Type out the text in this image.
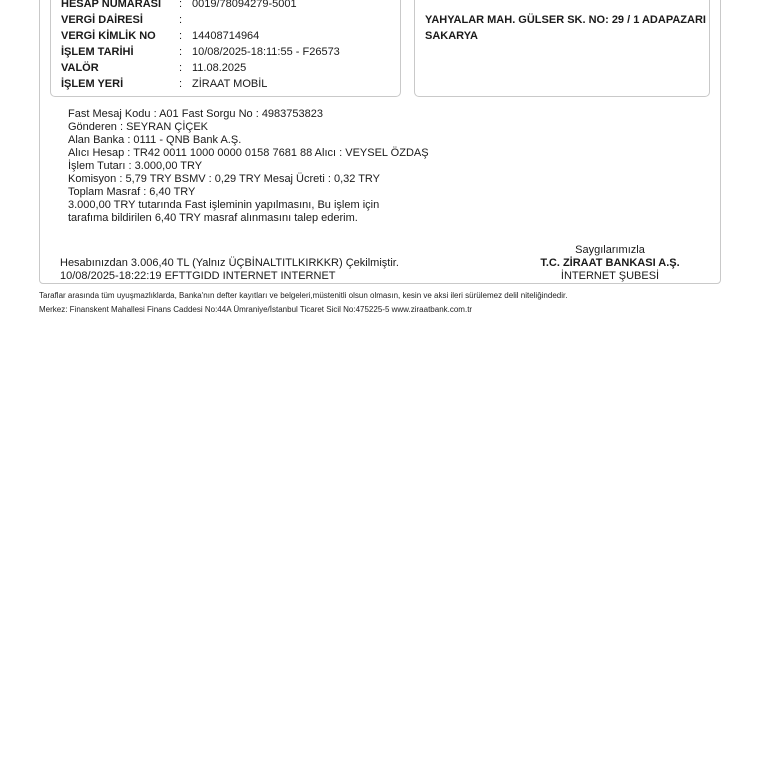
HESAP NUMARASI : 0019/78094279-5001
VERGİ DAİRESİ	:
VERGİ KİMLİK NO : 14408714964
İŞLEM TARİHİ	: 10/08/2025-18:11:55 - F26573
VALÖR	: 11.08.2025
İŞLEM YERİ	: ZİRAAT MOBİL
YAHYALAR MAH. GÜLSER SK. NO: 29 / 1 ADAPAZARI
SAKARYA
Fast Mesaj Kodu : A01 Fast Sorgu No : 4983753823
Gönderen : SEYRAN ÇİÇEK
Alan Banka : 0111 - QNB Bank A.Ş.
Alıcı Hesap : TR42 0011 1000 0000 0158 7681 88 Alıcı : VEYSEL ÖZDAŞ
İşlem Tutarı : 3.000,00 TRY
Komisyon : 5,79 TRY BSMV : 0,29 TRY Mesaj Ücreti : 0,32 TRY
Toplam Masraf : 6,40 TRY
3.000,00 TRY tutarında Fast işleminin yapılmasını, Bu işlem için
tarafıma bildirilen 6,40 TRY masraf alınmasını talep ederim.
Hesabınızdan 3.006,40 TL (Yalnız ÜÇBİNALTITLKIRKKR) Çekilmiştir.
10/08/2025-18:22:19 EFTTGIDD INTERNET INTERNET
Saygılarımızla
T.C. ZİRAAT BANKASI A.Ş.
İNTERNET ŞUBESİ
Taraflar arasında tüm uyuşmazlıklarda, Banka'nın defter kayıtları ve belgeleri,müstenitli olsun olmasın, kesin ve aksi ileri sürülemez delil niteliğindedir.
Merkez: Finanskent Mahallesi Finans Caddesi No:44A Ümraniye/İstanbul Ticaret Sicil No:475225-5 www.ziraatbank.com.tr
